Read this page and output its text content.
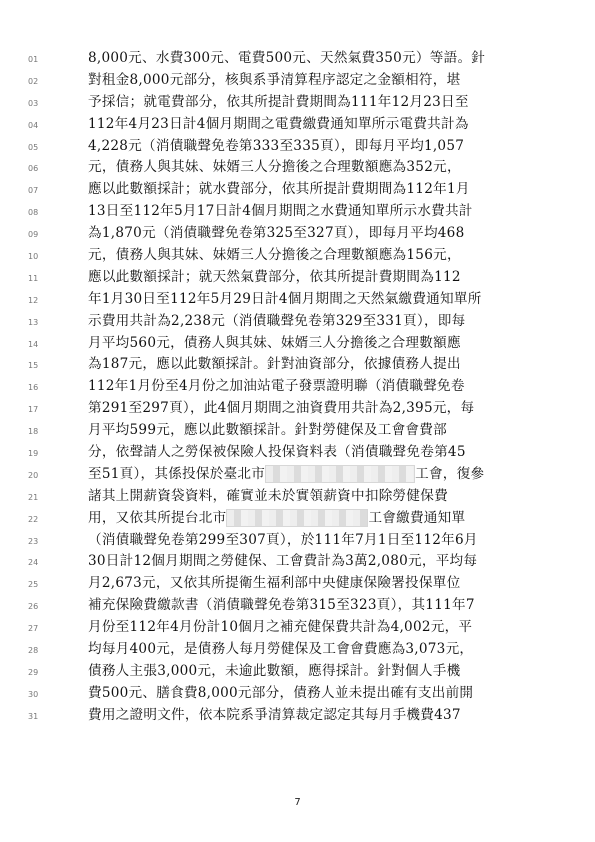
01	8,000元、水費300元、電費500元、天然氣費350元）等語。針
02	對租金8,000元部分，核與系爭清算程序認定之金額相符，堪
03	予採信；就電費部分，依其所提計費期間為111年12月23日至
04	112年4月23日計4個月期間之電費繳費通知單所示電費共計為
05	4,228元（消債職聲免卷第333至335頁），即每月平均1,057
06	元，債務人與其妹、妹婿三人分擔後之合理數額應為352元，
07	應以此數額採計；就水費部分，依其所提計費期間為112年1月
08	13日至112年5月17日計4個月期間之水費通知單所示水費共計
09	為1,870元（消債職聲免卷第325至327頁），即每月平均468
10	元，債務人與其妹、妹婿三人分擔後之合理數額應為156元，
11	應以此數額採計；就天然氣費部分，依其所提計費期間為112
12	年1月30日至112年5月29日計4個月期間之天然氣繳費通知單所
13	示費用共計為2,238元（消債職聲免卷第329至331頁），即每
14	月平均560元，債務人與其妹、妹婿三人分擔後之合理數額應
15	為187元，應以此數額採計。針對油資部分，依據債務人提出
16	112年1月份至4月份之加油站電子發票證明聯（消債職聲免卷
17	第291至297頁），此4個月期間之油資費用共計為2,395元，每
18	月平均599元，應以此數額採計。針對勞健保及工會會費部
19	分，依聲請人之勞保被保險人投保資料表（消債職聲免卷第45
20	至51頁），其係投保於臺北市	工會，復參
21	諸其上開薪資袋資料，確實並未於實領薪資中扣除勞健保費
22	用，又依其所提台北市	工會繳費通知單
23	（消債職聲免卷第299至307頁），於111年7月1日至112年6月
24	30日計12個月期間之勞健保、工會費計為3萬2,080元，平均每
25	月2,673元，又依其所提衛生福利部中央健康保險署投保單位
26	補充保險費繳款書（消債職聲免卷第315至323頁），其111年7
27	月份至112年4月份計10個月之補充健保費共計為4,002元，平
28	均每月400元，是債務人每月勞健保及工會會費應為3,073元，
29	債務人主張3,000元，未逾此數額，應得採計。針對個人手機
30	費500元、膳食費8,000元部分，債務人並未提出確有支出前開
31	費用之證明文件，依本院系爭清算裁定認定其每月手機費437
7
